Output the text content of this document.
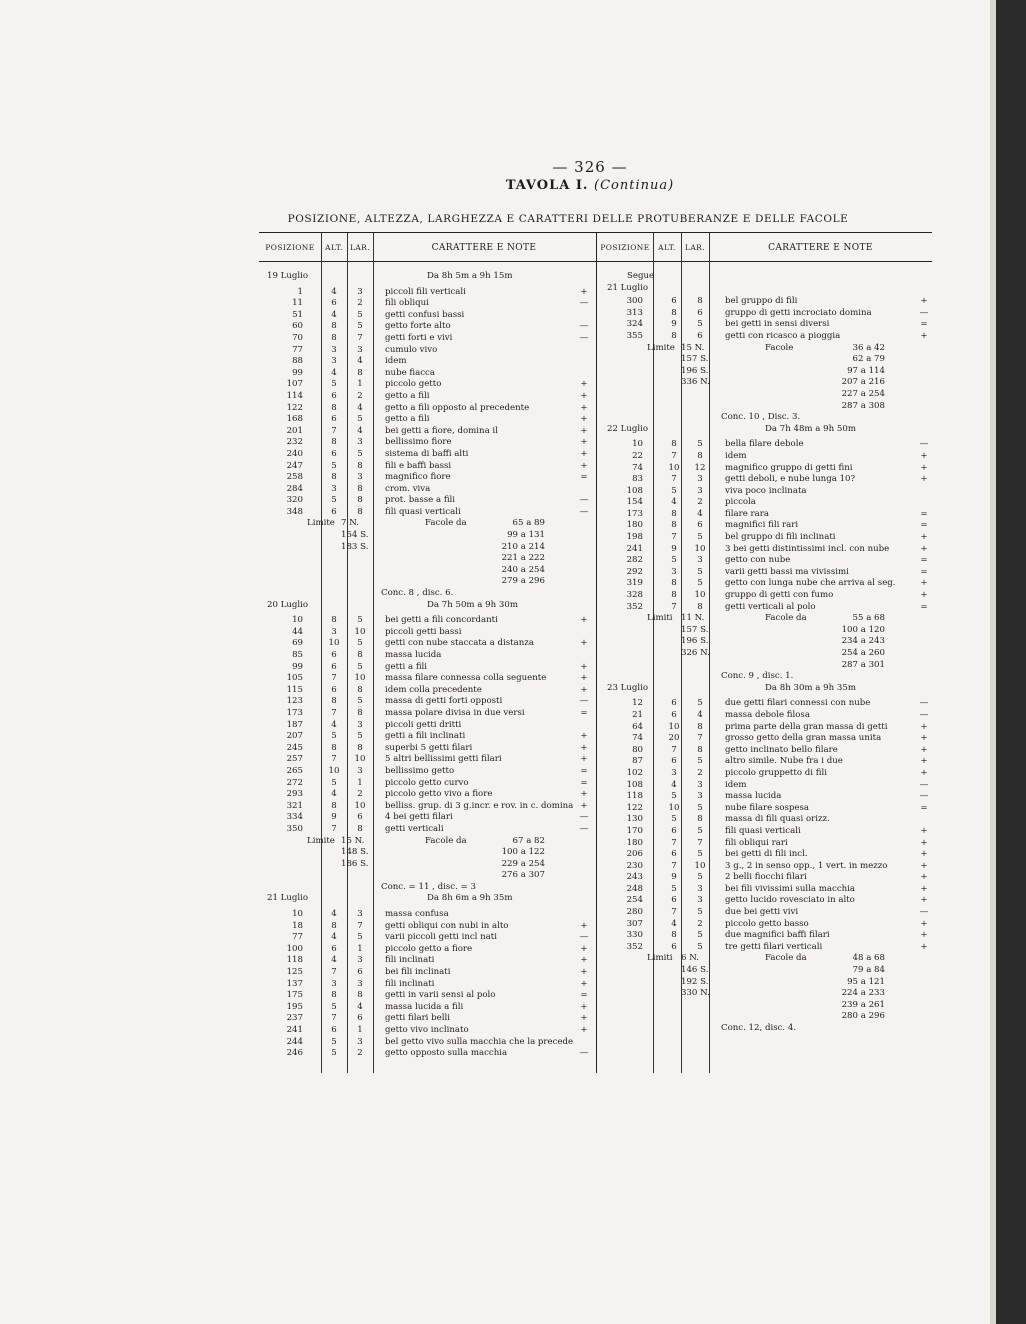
— 326 —
TAVOLA I. (Continua)
POSIZIONE, ALTEZZA, LARGHEZZA E CARATTERI DELLE PROTUBERANZE E DELLE FACOLE
POSIZIONE	ALT. LAR.	CARATTERE E NOTE	POSIZIONE	ALT.	LAR.	CARATTERE E NOTE
19 Luglio	Da 8h 5m a 9h 15m
1	4	3	piccoli fili verticali	+
11	6	2	fili obliqui	—
51	4	5	getti confusi bassi
60	8	5	getto forte alto	—
70	8	7	getti forti e vivi	—
77	3	3	cumulo vivo
88	3	4	idem
99	4	8	nube fiacca
107	5	1	piccolo getto	+
114	6	2	getto a fili	+
122	8	4	getto a fili opposto al precedente	+
168	6	5	getto a fili	+
201	7	4	bei getti a fiore, domina il	+
232	8	3	bellissimo fiore	+
240	6	5	sistema di baffi alti	+
247	5	8	fili e baffi bassi	+
258	8	3	magnifico fiore	=
284	3	8	crom. viva
320	5	8	prot. basse a fili	—
348	6	8	fili quasi verticali	—
Limite 7 N.	Facole da	65 a 89
154 S.	99 a 131
183 S.	210 a 214
221 a 222
240 a 254
279 a 296
Conc. 8 , disc. 6.
20 Luglio	Da 7h 50m a 9h 30m
10	8	5	bei getti a fili concordanti	+
44	3	10	piccoli getti bassi
69	10	5	getti con nube staccata a distanza	+
85	6	8	massa lucida
99	6	5	getti a fili	+
105	7	10	massa filare connessa colla seguente	+
115	6	8	idem colla precedente	+
123	8	5	massa di getti forti opposti	—
173	7	8	massa polare divisa in due versi	=
187	4	3	piccoli getti dritti
207	5	5	getti a fili inclinati	+
245	8	8	superbi 5 getti filari	+
257	7	10	5 altri bellissimi getti filari	+
265	10	3	bellissimo getto	=
272	5	1	piccolo getto curvo	=
293	4	2	piccolo getto vivo a fiore	+
321	8	10	belliss. grup. di 3 g.incr. e rov. in c. domina +
334	9	6	4 bei getti filari	—
350	7	8	getti verticali	—
Limite 15 N.	Facole da	67 a 82
148 S.	100 a 122
186 S.	229 a 254
276 a 307
Conc. = 11 , disc. = 3
21 Luglio	Da 8h 6m a 9h 35m
10	4	3	massa confusa
18	8	7	getti obliqui con nubi in alto	+
77	4	5	varii piccoli getti incl nati	—
100	6	1	piccolo getto a fiore	+
118	4	3	fili inclinati	+
125	7	6	bei fili inclinati	+
137	3	3	fili inclinati	+
175	8	8	getti in varii sensi al polo	=
195	5	4	massa lucida a fili	+
237	7	6	getti filari belli	+
241	6	1	getto vivo inclinato	+
244	5	3	bel getto vivo sulla macchia che la precede
246	5	2	getto opposto sulla macchia	—
Segue
21 Luglio
300	6	8	bel gruppo di fili	+
313	8	6	gruppo di getti incrociato domina	—
324	9	5	bei getti in sensi diversi	=
355	8	6	getti con ricasco a pioggia	+
Limite 15 N.	Facole	36 a 42
157 S.	62 a 79
196 S.	97 a 114
336 N.	207 a 216
227 a 254
287 a 308
Conc. 10 , Disc. 3.
22 Luglio	Da 7h 48m a 9h 50m
10	8	5	bella filare debole	—
22	7	8	idem	+
74	10	12	magnifico gruppo di getti fini	+
83	7	3	getti deboli, e nube lunga 10?	+
108	5	3	viva poco inclinata
154	4	2	piccola
173	8	4	filare rara	=
180	8	6	magnifici fili rari	=
198	7	5	bel gruppo di fili inclinati	+
241	9	10	3 bei getti distintissimi incl. con nube	+
282	5	3	getto con nube	=
292	3	5	varii getti bassi ma vivissimi	=
319	8	5	getto con lunga nube che arriva al seg.	+
328	8	10	gruppo di getti con fumo	+
352	7	8	getti verticali al polo	=
Limiti 11 N.	Facole da	55 a 68
157 S.	100 a 120
196 S.	234 a 243
326 N.	254 a 260
287 a 301
Conc. 9 , disc. 1.
23 Luglio	Da 8h 30m a 9h 35m
12	6	5	due getti filari connessi con nube	—
21	6	4	massa debole filosa	—
64	10	8	prima parte della gran massa di getti	+
74	20	7	grosso getto della gran massa unita	+
80	7	8	getto inclinato bello filare	+
87	6	5	altro simile. Nube fra i due	+
102	3	2	piccolo gruppetto di fili	+
108	4	3	idem	—
118	5	3	massa lucida	—
122	10	5	nube filare sospesa	=
130	5	8	massa di fili quasi orizz.
170	6	5	fili quasi verticali	+
180	7	7	fili obliqui rari	+
206	6	5	bei getti di fili incl.	+
230	7	10	3 g., 2 in senso opp., 1 vert. in mezzo	+
243	9	5	2 belli fiocchi filari	+
248	5	3	bei fili vivissimi sulla macchia	+
254	6	3	getto lucido rovesciato in alto	+
280	7	5	due bei getti vivi	—
307	4	2	piccolo getto basso	+
330	8	5	due magnifici baffi filari	+
352	6	5	tre getti filari verticali	+
Limiti 6 N.	Facole da	48 a 68
146 S.	79 a 84
192 S.	95 a 121
330 N.	224 a 233
239 a 261
280 a 296
Conc. 12, disc. 4.
